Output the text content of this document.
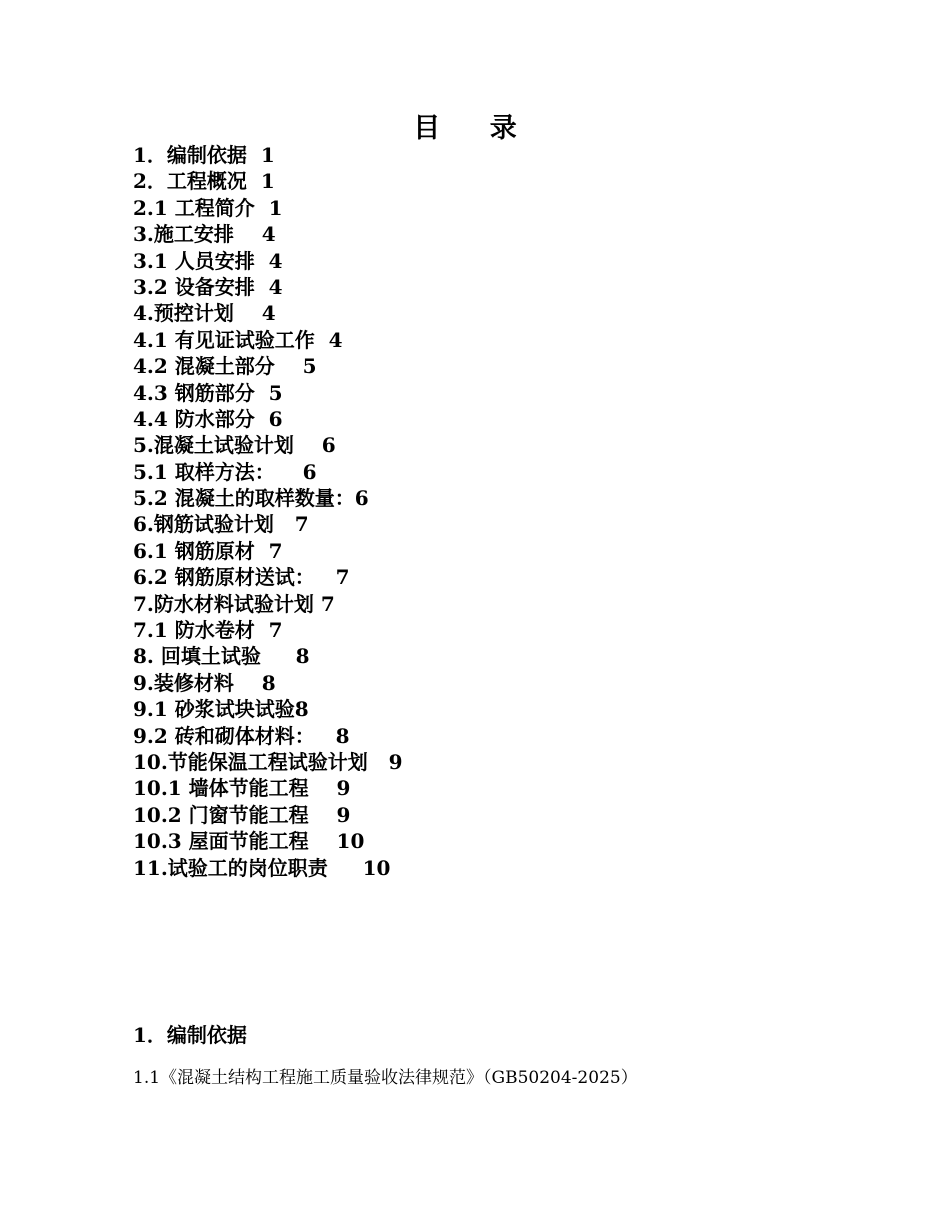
目 录
1．编制依据  1
2．工程概况  1
2.1 工程简介  1
3.施工安排    4
3.1 人员安排  4
3.2 设备安排  4
4.预控计划    4
4.1 有见证试验工作  4
4.2 混凝土部分    5
4.3 钢筋部分  5
4.4 防水部分  6
5.混凝土试验计划    6
5.1 取样方法：    6
5.2 混凝土的取样数量：6
6.钢筋试验计划   7
6.1 钢筋原材  7
6.2 钢筋原材送试：   7
7.防水材料试验计划 7
7.1 防水卷材  7
8. 回填土试验     8
9.装修材料    8
9.1 砂浆试块试验8
9.2 砖和砌体材料：   8
10.节能保温工程试验计划   9
10.1 墙体节能工程    9
10.2 门窗节能工程    9
10.3 屋面节能工程    10
11.试验工的岗位职责     10
1．编制依据
1.1《混凝土结构工程施工质量验收法律规范》（GB50204-2025）
